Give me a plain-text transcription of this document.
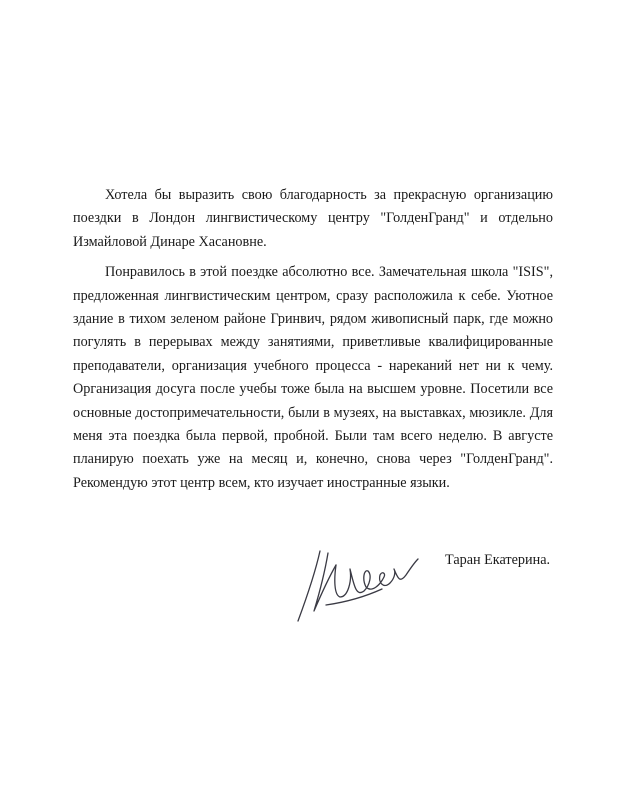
Хотела бы выразить свою благодарность за прекрасную организацию поездки в Лондон лингвистическому центру "ГолденГранд" и отдельно Измайловой Динаре Хасановне.

Понравилось в этой поездке абсолютно все. Замечательная школа "ISIS", предложенная лингвистическим центром, сразу расположила к себе. Уютное здание в тихом зеленом районе Гринвич, рядом живописный парк, где можно погулять в перерывах между занятиями, приветливые квалифицированные преподаватели, организация учебного процесса - нареканий нет ни к чему. Организация досуга после учебы тоже была на высшем уровне. Посетили все основные достопримечательности, были в музеях, на выставках, мюзикле. Для меня эта поездка была первой, пробной. Были там всего неделю. В августе планирую поехать уже на месяц и, конечно, снова через "ГолденГранд". Рекомендую этот центр всем, кто изучает иностранные языки.

Таран Екатерина.
